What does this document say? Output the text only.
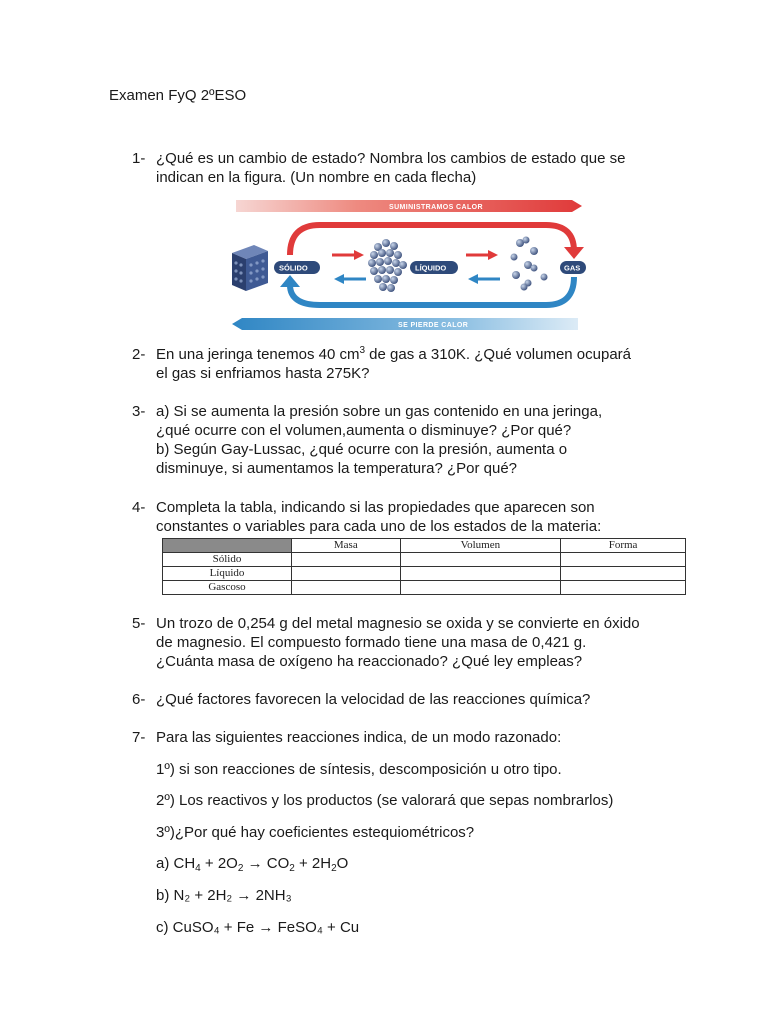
Examen FyQ 2ºESO
1- ¿Qué es un cambio de estado? Nombra los cambios de estado que se
indican en la figura. (Un nombre en cada flecha)
SUMINISTRAMOS CALOR
SE PIERDE CALOR
SÓLIDO	LÍQUIDO	GAS
2- En una jeringa tenemos 40 $cm^3$ de gas a 310K. ¿Qué volumen ocupará
el gas si enfriamos hasta 275K?
3- a) Si se aumenta la presión sobre un gas contenido en una jeringa,
¿qué ocurre con el volumen,aumenta o disminuye? ¿Por qué?
b) Según Gay-Lussac, ¿qué ocurre con la presión, aumenta o
disminuye, si aumentamos la temperatura? ¿Por qué?
4- Completa la tabla, indicando si las propiedades que aparecen son
constantes o variables para cada uno de los estados de la materia:
	Masa	Volumen	Forma
Sólido			
Líquido			
Gascoso			
5- Un trozo de 0,254 g del metal magnesio se oxida y se convierte en óxido
de magnesio. El compuesto formado tiene una masa de 0,421 g.
¿Cuánta masa de oxígeno ha reaccionado? ¿Qué ley empleas?
6- ¿Qué factores favorecen la velocidad de las reacciones química?
7- Para las siguientes reacciones indica, de un modo razonado:
1º) si son reacciones de síntesis, descomposición u otro tipo.
2º) Los reactivos y los productos (se valorará que sepas nombrarlos)
3º)¿Por qué hay coeficientes estequiométricos?
a) $CH_4 + 2O_2 \to CO_2 + 2H_2O$
b) N₂ + 2H₂ → 2NH₃
c) CuSO₄ + Fe → FeSO₄ + Cu
